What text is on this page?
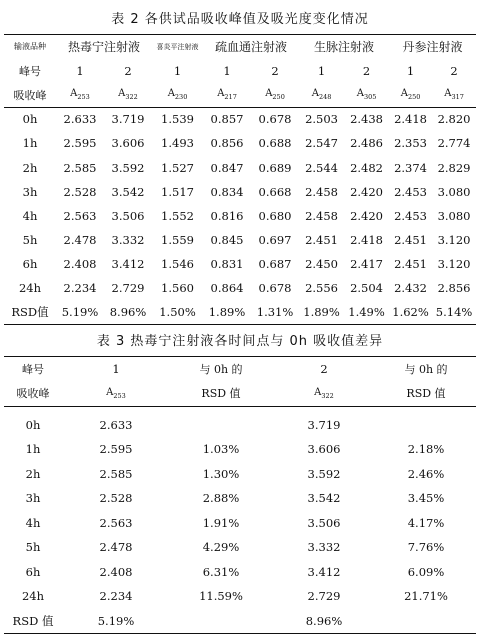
表 2 各供试品吸收峰值及吸光度变化情况
输液品种	热毒宁注射液		喜炎平注射液	疏血通注射液		生脉注射液		丹参注射液	
峰号	1	2	1	1	2	1	2	1	2
吸收峰	$A_{253}$	$A_{322}$	$A_{230}$	$A_{217}$	$A_{250}$	$A_{248}$	$A_{305}$	$A_{250}$	$A_{317}$
0h	2.633	3.719	1.539	0.857	0.678	2.503	2.438	2.418	2.820
1h	2.595	3.606	1.493	0.856	0.688	2.547	2.486	2.353	2.774
2h	2.585	3.592	1.527	0.847	0.689	2.544	2.482	2.374	2.829
3h	2.528	3.542	1.517	0.834	0.668	2.458	2.420	2.453	3.080
4h	2.563	3.506	1.552	0.816	0.680	2.458	2.420	2.453	3.080
5h	2.478	3.332	1.559	0.845	0.697	2.451	2.418	2.451	3.120
6h	2.408	3.412	1.546	0.831	0.687	2.450	2.417	2.451	3.120
24h	2.234	2.729	1.560	0.864	0.678	2.556	2.504	2.432	2.856
RSD值	5.19%	8.96%	1.50%	1.89%	1.31%	1.89%	1.49%	1.62%	5.14%
表 3 热毒宁注射液各时间点与 0h 吸收值差异
峰号	1	与 0h 的	2	与 0h 的
吸收峰	$A_{253}$	RSD 值	$A_{322}$	RSD 值

0h	2.633		3.719	
1h	2.595	1.03%	3.606	2.18%
2h	2.585	1.30%	3.592	2.46%
3h	2.528	2.88%	3.542	3.45%
4h	2.563	1.91%	3.506	4.17%
5h	2.478	4.29%	3.332	7.76%
6h	2.408	6.31%	3.412	6.09%
24h	2.234	11.59%	2.729	21.71%
RSD 值	5.19%		8.96%	
